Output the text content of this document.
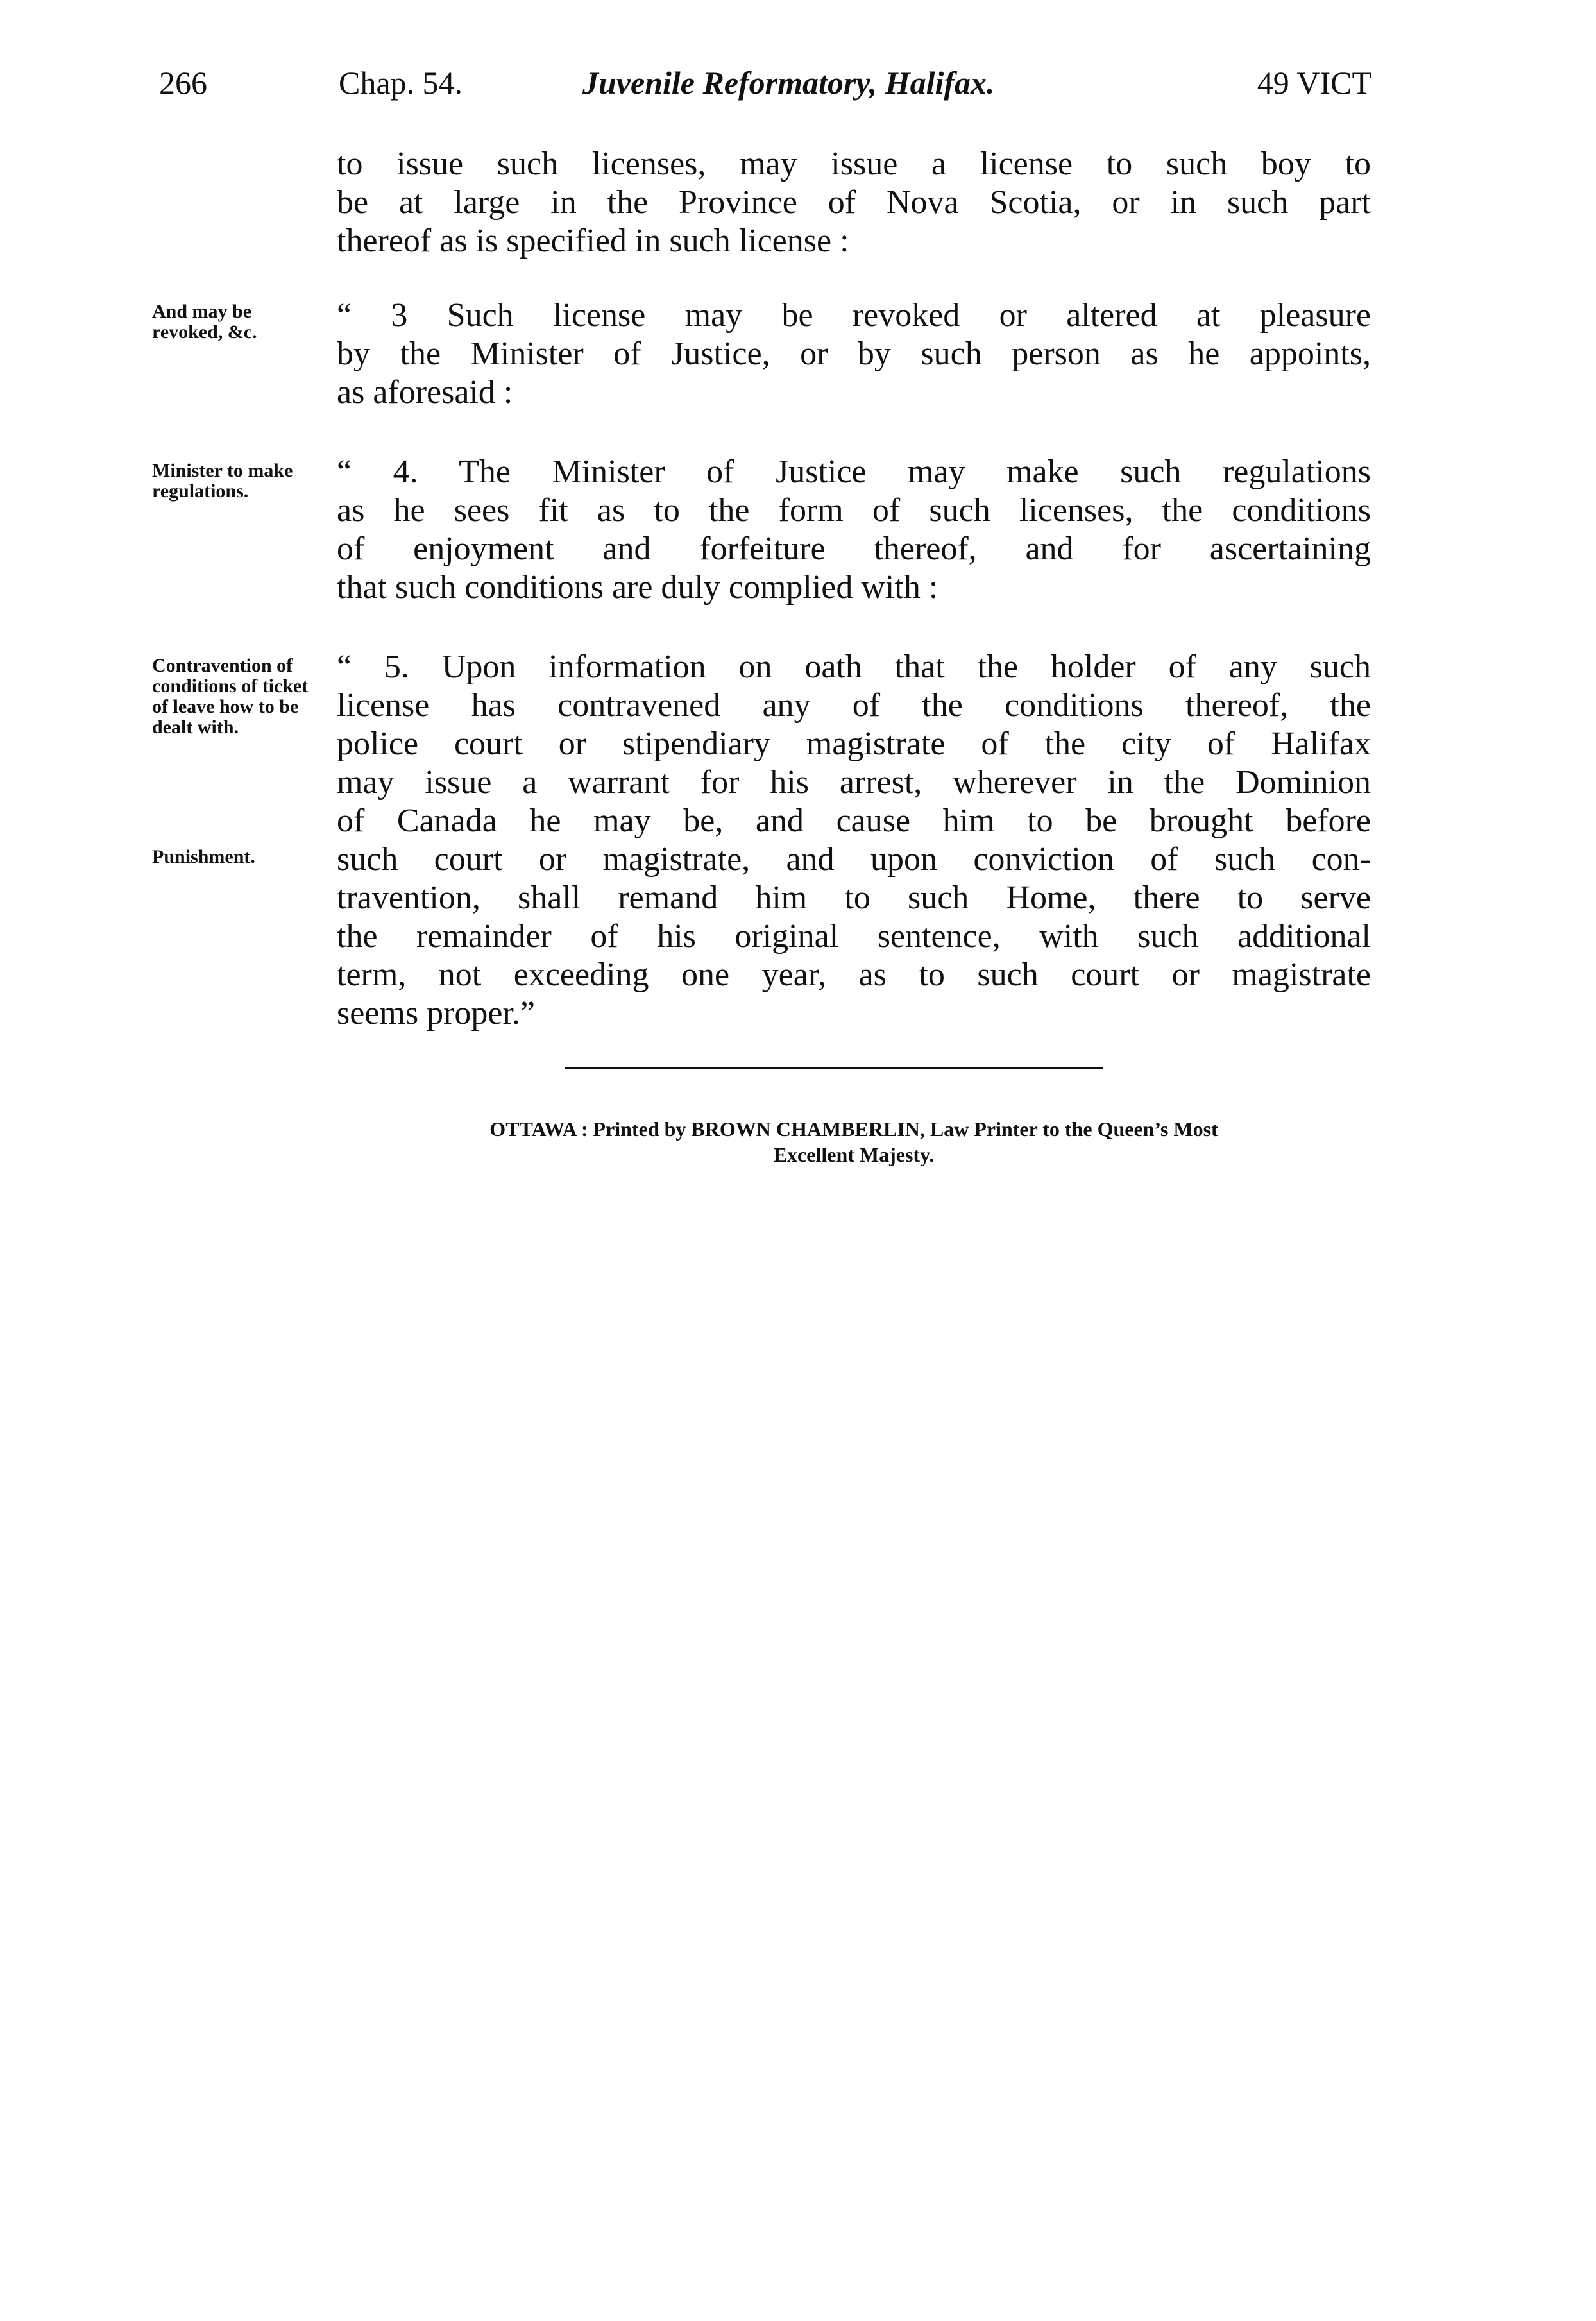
266	Chap. 54.	Juvenile Reformatory, Halifax.	49 VICT
to issue such licenses, may issue a license to such boy to
be at large in the Province of Nova Scotia, or in such part
thereof as is specified in such license :
And may be revoked, &c.	“ 3 Such license may be revoked or altered at pleasure
by the Minister of Justice, or by such person as he appoints,
as aforesaid :
Minister to make regulations.
“ 4. The Minister of Justice may make such regulations
as he sees fit as to the form of such licenses, the conditions
of enjoyment and forfeiture thereof, and for ascertaining
that such conditions are duly complied with :
Contravention of conditions of ticket of leave how to be dealt with.
Punishment.
“ 5. Upon information on oath that the holder of any such
license has contravened any of the conditions thereof, the
police court or stipendiary magistrate of the city of Halifax
may issue a warrant for his arrest, wherever in the Dominion
of Canada he may be, and cause him to be brought before
such court or magistrate, and upon conviction of such con-
travention, shall remand him to such Home, there to serve
the remainder of his original sentence, with such additional
term, not exceeding one year, as to such court or magistrate
seems proper.”
OTTAWA : Printed by BROWN CHAMBERLIN, Law Printer to the Queen’s Most
Excellent Majesty.
